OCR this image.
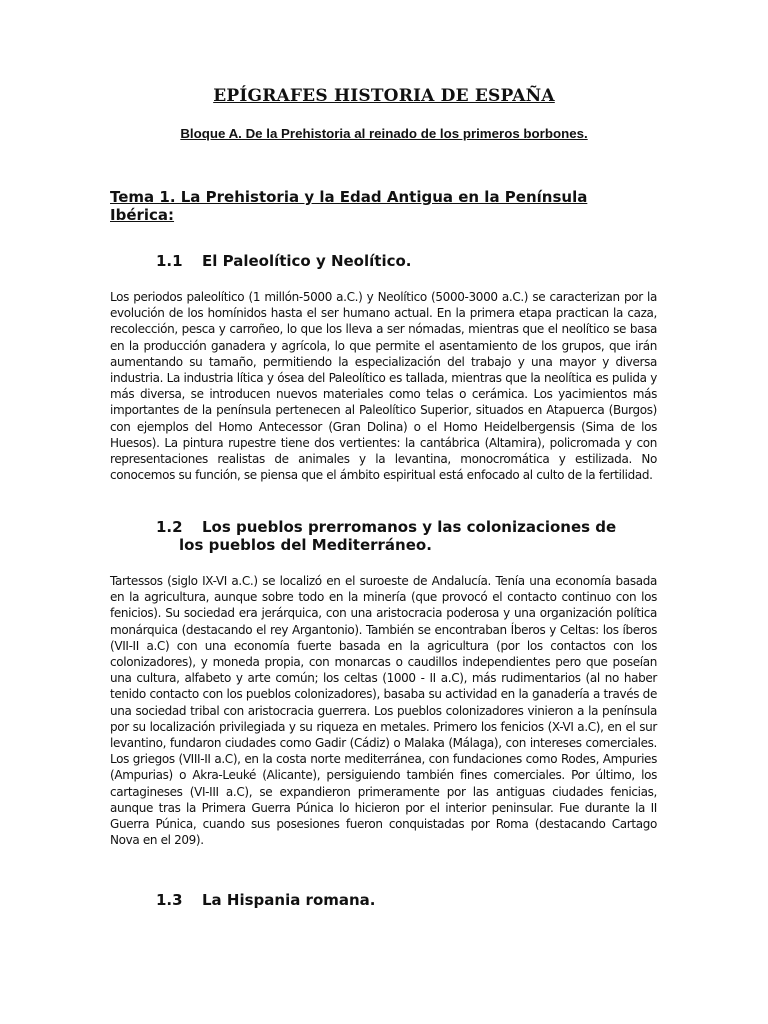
EPÍGRAFES HISTORIA DE ESPAÑA
Bloque A. De la Prehistoria al reinado de los primeros borbones.
Tema 1. La Prehistoria y la Edad Antigua en la Península Ibérica:
1.1 El Paleolítico y Neolítico.

Los periodos paleolítico (1 millón-5000 a.C.) y Neolítico (5000-3000 a.C.) se caracterizan por la evolución de los homínidos hasta el ser humano actual. En la primera etapa practican la caza, recolección, pesca y carroñeo, lo que los lleva a ser nómadas, mientras que el neolítico se basa en la producción ganadera y agrícola, lo que permite el asentamiento de los grupos, que irán aumentando su tamaño, permitiendo la especialización del trabajo y una mayor y diversa industria. La industria lítica y ósea del Paleolítico es tallada, mientras que la neolítica es pulida y más diversa, se introducen nuevos materiales como telas o cerámica. Los yacimientos más importantes de la península pertenecen al Paleolítico Superior, situados en Atapuerca (Burgos) con ejemplos del Homo Antecessor (Gran Dolina) o el Homo Heidelbergensis (Sima de los Huesos). La pintura rupestre tiene dos vertientes: la cantábrica (Altamira), policromada y con representaciones realistas de animales y la levantina, monocromática y estilizada. No conocemos su función, se piensa que el ámbito espiritual está enfocado al culto de la fertilidad.

1.2 Los pueblos prerromanos y las colonizaciones de
los pueblos del Mediterráneo.

Tartessos (siglo IX-VI a.C.) se localizó en el suroeste de Andalucía. Tenía una economía basada en la agricultura, aunque sobre todo en la minería (que provocó el contacto continuo con los fenicios). Su sociedad era jerárquica, con una aristocracia poderosa y una organización política monárquica (destacando el rey Argantonio). También se encontraban Íberos y Celtas: los íberos (VII-II a.C) con una economía fuerte basada en la agricultura (por los contactos con los colonizadores), y moneda propia, con monarcas o caudillos independientes pero que poseían una cultura, alfabeto y arte común; los celtas (1000 - II a.C), más rudimentarios (al no haber tenido contacto con los pueblos colonizadores), basaba su actividad en la ganadería a través de una sociedad tribal con aristocracia guerrera. Los pueblos colonizadores vinieron a la península por su localización privilegiada y su riqueza en metales. Primero los fenicios (X-VI a.C), en el sur levantino, fundaron ciudades como Gadir (Cádiz) o Malaka (Málaga), con intereses comerciales. Los griegos (VIII-II a.C), en la costa norte mediterránea, con fundaciones como Rodes, Ampuries (Ampurias) o Akra-Leuké (Alicante), persiguiendo también fines comerciales. Por último, los cartagineses (VI-III a.C), se expandieron primeramente por las antiguas ciudades fenicias, aunque tras la Primera Guerra Púnica lo hicieron por el interior peninsular. Fue durante la II Guerra Púnica, cuando sus posesiones fueron conquistadas por Roma (destacando Cartago Nova en el 209).

1.3 La Hispania romana.
